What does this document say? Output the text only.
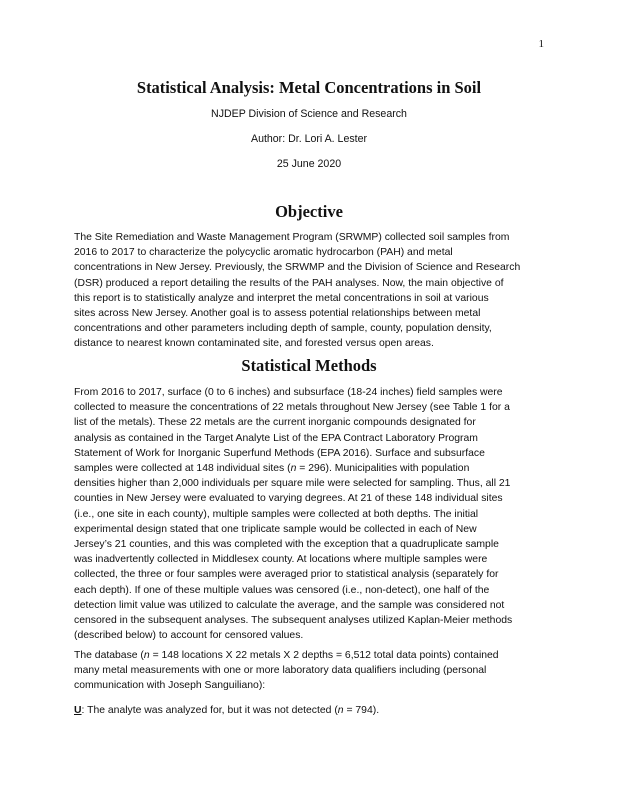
1
Statistical Analysis: Metal Concentrations in Soil
NJDEP Division of Science and Research
Author: Dr. Lori A. Lester
25 June 2020
Objective
The Site Remediation and Waste Management Program (SRWMP) collected soil samples from
2016 to 2017 to characterize the polycyclic aromatic hydrocarbon (PAH) and metal
concentrations in New Jersey. Previously, the SRWMP and the Division of Science and Research
(DSR) produced a report detailing the results of the PAH analyses. Now, the main objective of
this report is to statistically analyze and interpret the metal concentrations in soil at various
sites across New Jersey. Another goal is to assess potential relationships between metal
concentrations and other parameters including depth of sample, county, population density,
distance to nearest known contaminated site, and forested versus open areas.
Statistical Methods
From 2016 to 2017, surface (0 to 6 inches) and subsurface (18-24 inches) field samples were
collected to measure the concentrations of 22 metals throughout New Jersey (see Table 1 for a
list of the metals). These 22 metals are the current inorganic compounds designated for
analysis as contained in the Target Analyte List of the EPA Contract Laboratory Program
Statement of Work for Inorganic Superfund Methods (EPA 2016). Surface and subsurface
samples were collected at 148 individual sites (n = 296). Municipalities with population
densities higher than 2,000 individuals per square mile were selected for sampling. Thus, all 21
counties in New Jersey were evaluated to varying degrees. At 21 of these 148 individual sites
(i.e., one site in each county), multiple samples were collected at both depths. The initial
experimental design stated that one triplicate sample would be collected in each of New
Jersey’s 21 counties, and this was completed with the exception that a quadruplicate sample
was inadvertently collected in Middlesex county. At locations where multiple samples were
collected, the three or four samples were averaged prior to statistical analysis (separately for
each depth). If one of these multiple values was censored (i.e., non-detect), one half of the
detection limit value was utilized to calculate the average, and the sample was considered not
censored in the subsequent analyses. The subsequent analyses utilized Kaplan-Meier methods
(described below) to account for censored values.
The database (n = 148 locations X 22 metals X 2 depths = 6,512 total data points) contained
many metal measurements with one or more laboratory data qualifiers including (personal
communication with Joseph Sanguiliano):
U: The analyte was analyzed for, but it was not detected (n = 794).
